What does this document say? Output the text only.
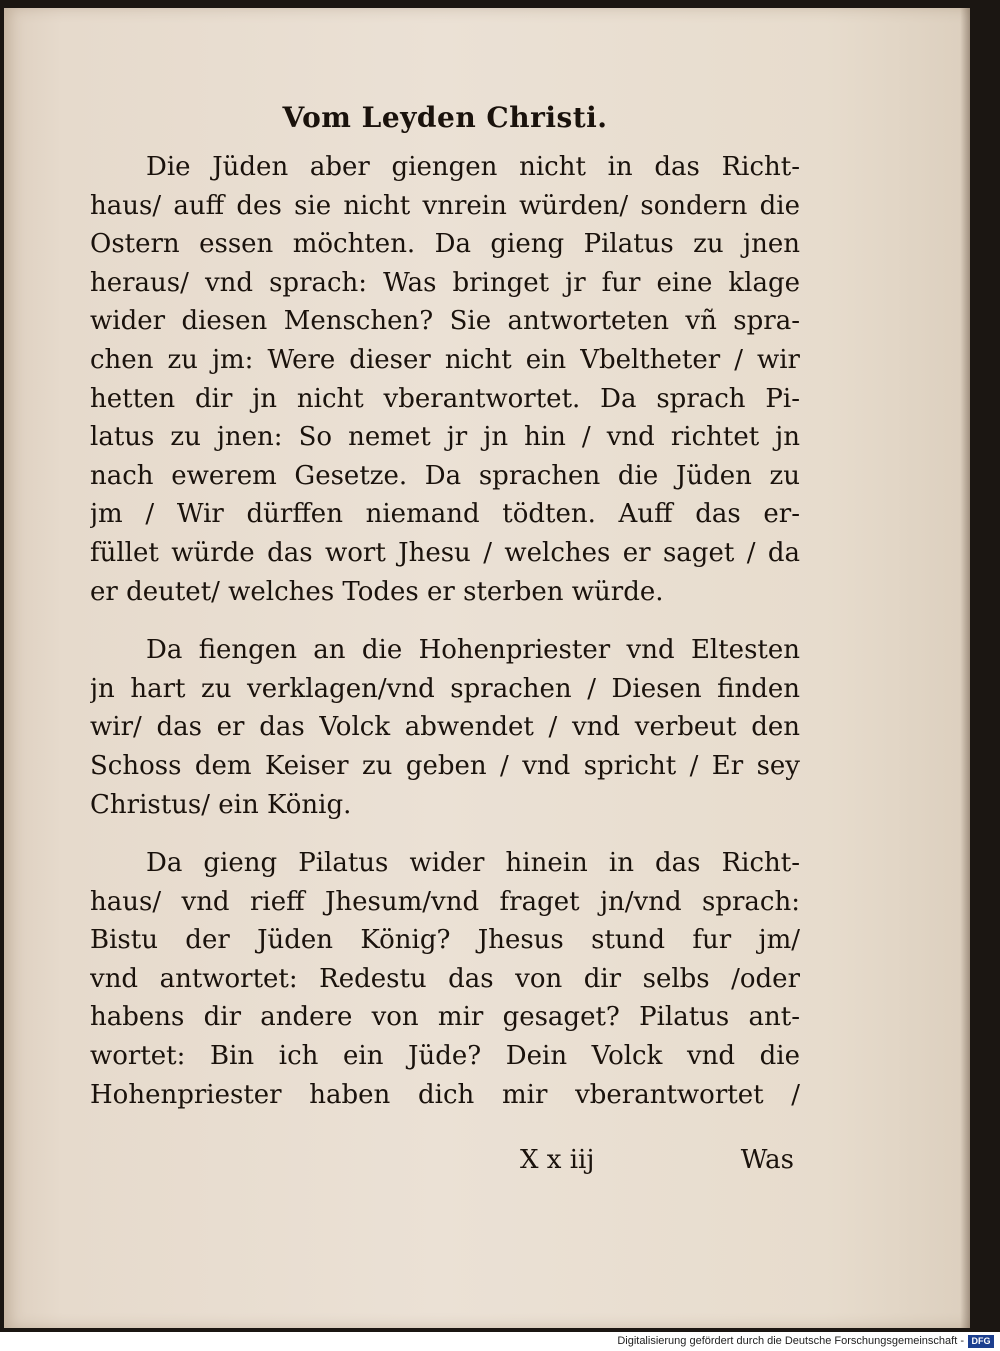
Vom Leyden Christi.
Die Jüden aber giengen nicht in das Richt-
haus/ auff des sie nicht vnrein würden/ sondern die
Ostern essen möchten. Da gieng Pilatus zu jnen
heraus/ vnd sprach: Was bringet jr fur eine klage
wider diesen Menschen? Sie antworteten vñ spra-
chen zu jm: Were dieser nicht ein Vbeltheter / wir
hetten dir jn nicht vberantwortet. Da sprach Pi-
latus zu jnen: So nemet jr jn hin / vnd richtet jn
nach ewerem Gesetze. Da sprachen die Jüden zu
jm / Wir dürffen niemand tödten. Auff das er-
füllet würde das wort Jhesu / welches er saget / da
er deutet/ welches Todes er sterben würde.
Da fiengen an die Hohenpriester vnd Eltesten
jn hart zu verklagen/vnd sprachen / Diesen finden
wir/ das er das Volck abwendet / vnd verbeut den
Schoss dem Keiser zu geben / vnd spricht / Er sey
Christus/ ein König.
Da gieng Pilatus wider hinein in das Richt-
haus/ vnd rieff Jhesum/vnd fraget jn/vnd sprach:
Bistu der Jüden König? Jhesus stund fur jm/
vnd antwortet: Redestu das von dir selbs /oder
habens dir andere von mir gesaget? Pilatus ant-
wortet: Bin ich ein Jüde? Dein Volck vnd die
Hohenpriester haben dich mir vberantwortet /
X x iij	Was
Digitalisierung gefördert durch die Deutsche Forschungsgemeinschaft - DFG
